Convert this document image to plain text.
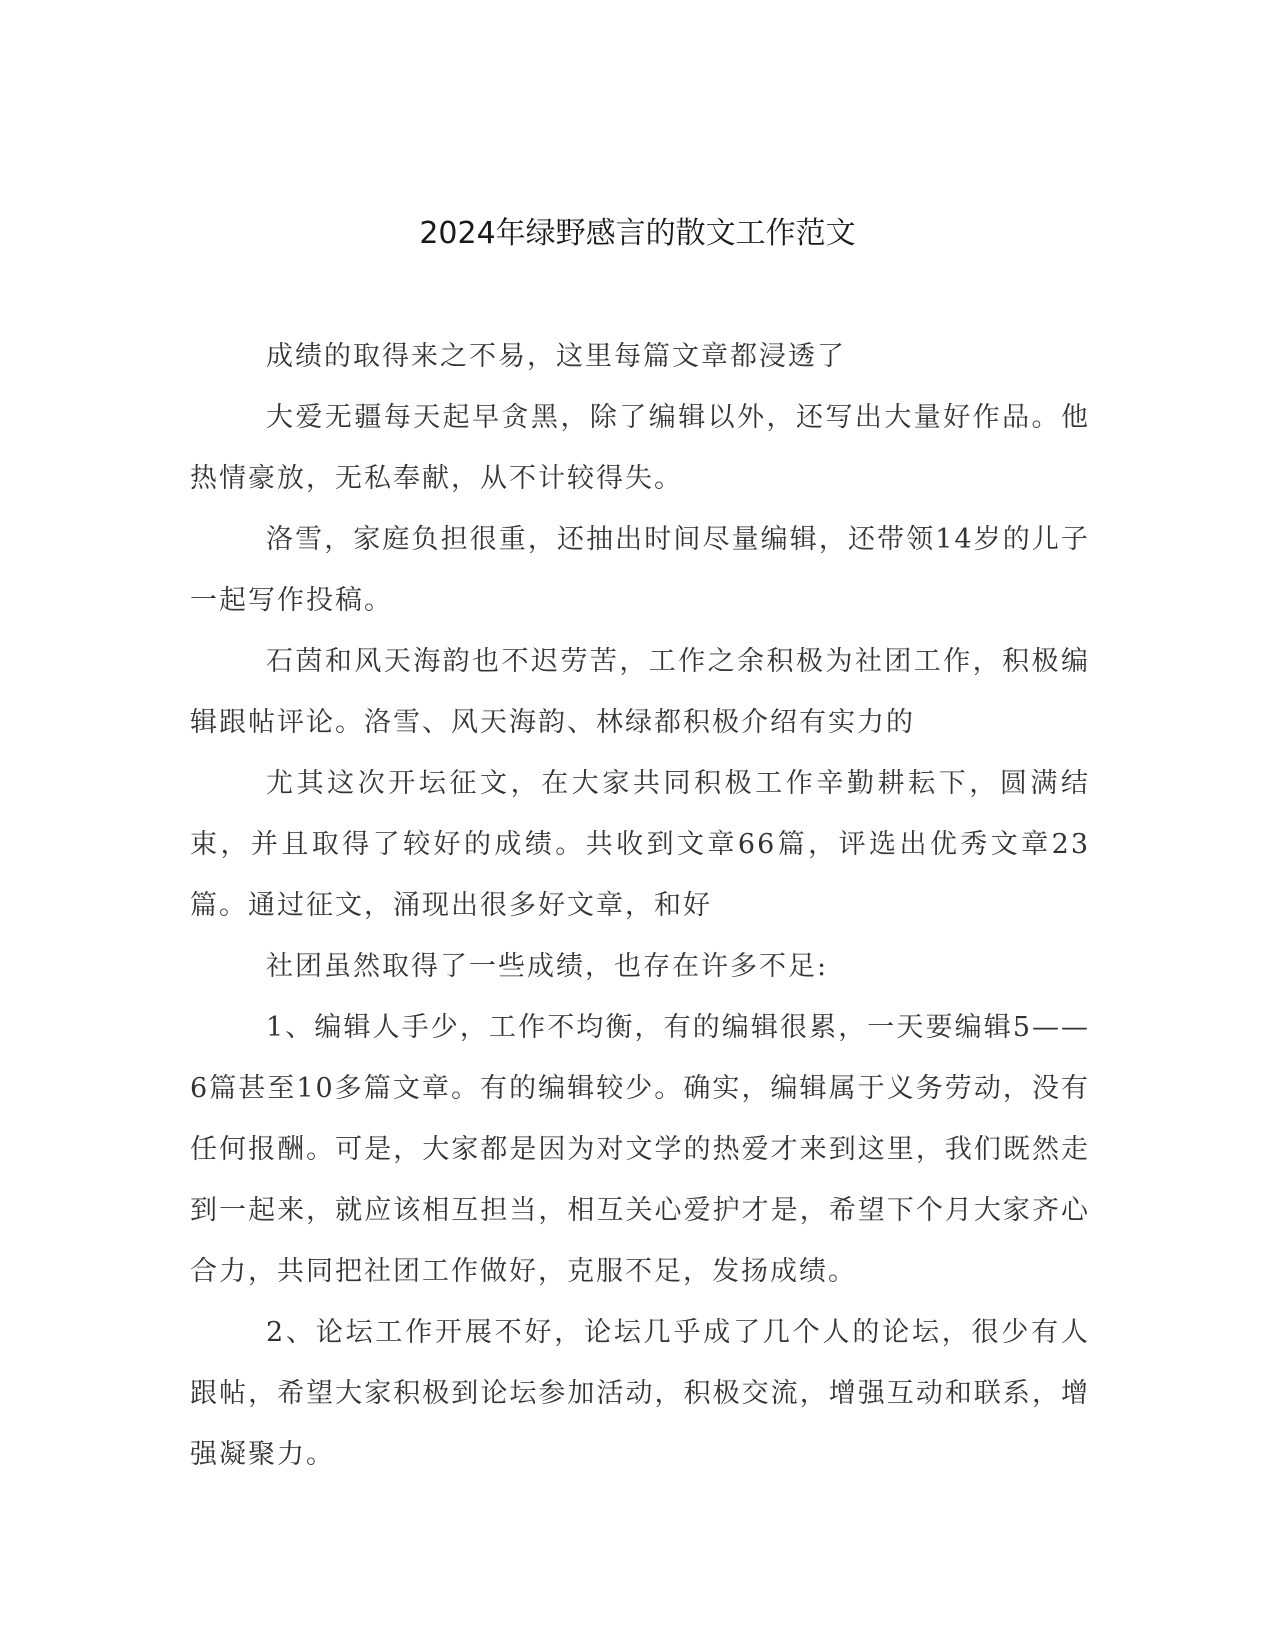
2024年绿野感言的散文工作范文

成绩的取得来之不易，这里每篇文章都浸透了

大爱无疆每天起早贪黑，除了编辑以外，还写出大量好作品。他热情豪放，无私奉献，从不计较得失。

洛雪，家庭负担很重，还抽出时间尽量编辑，还带领14岁的儿子一起写作投稿。

石茵和风天海韵也不迟劳苦，工作之余积极为社团工作，积极编辑跟帖评论。洛雪、风天海韵、林绿都积极介绍有实力的

尤其这次开坛征文，在大家共同积极工作辛勤耕耘下，圆满结束，并且取得了较好的成绩。共收到文章66篇，评选出优秀文章23篇。通过征文，涌现出很多好文章，和好

社团虽然取得了一些成绩，也存在许多不足:

1、编辑人手少，工作不均衡，有的编辑很累，一天要编辑5——6篇甚至10多篇文章。有的编辑较少。确实，编辑属于义务劳动，没有任何报酬。可是，大家都是因为对文学的热爱才来到这里，我们既然走到一起来，就应该相互担当，相互关心爱护才是，希望下个月大家齐心合力，共同把社团工作做好，克服不足，发扬成绩。

2、论坛工作开展不好，论坛几乎成了几个人的论坛，很少有人跟帖，希望大家积极到论坛参加活动，积极交流，增强互动和联系，增强凝聚力。
